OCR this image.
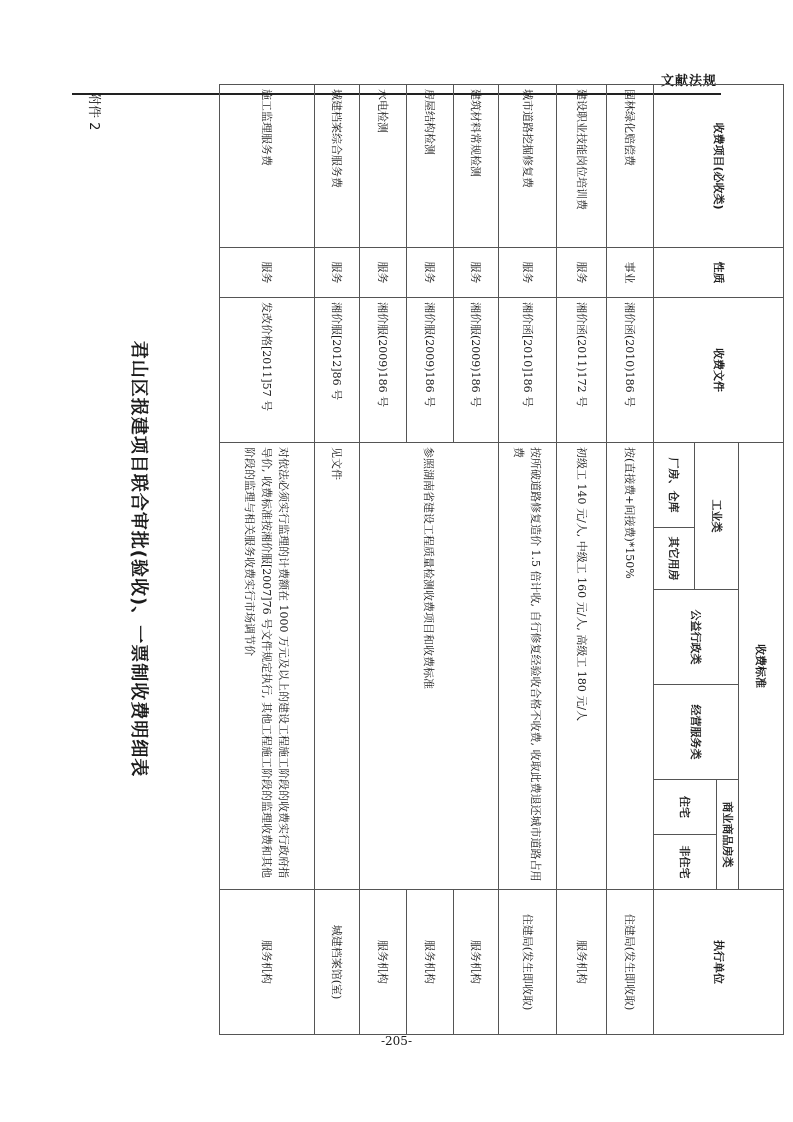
文献法规
附件 2
君山区报建项目联合审批(验收)、一票制收费明细表
收费项目(必收类)	性质	收费文件	收费标准						执行单位
			工业类		公益行政类	经营服务类	商业商品房类		
							住宅	非住宅	
			厂房、仓库	其它用房					
园林绿化赔偿费	事业	湘价函(2010)186 号	按(直接费+间接费)*150%						住建局(发生即收取)
建设职业技能岗位培训费	服务	湘价函(2011)172 号	初级工 140 元/人, 中级工 160 元/人, 高级工 180 元/人						服务机构
城市道路挖掘修复费	服务	湘价函[2010]186 号	按所破道路修复造价 1.5 倍计收, 自行修复经验收合格不收费, 收取此费退还城市道路占用费						住建局(发生即收取)
建筑材料常规检测	服务	湘价服(2009)186 号	参照湖南省建设工程质量检测收费项目和收费标准						服务机构
房屋结构检测	服务	湘价服(2009)186 号							服务机构
水电检测	服务	湘价服(2009)186 号							服务机构
城建档案综合服务费	服务	湘价服[2012]86 号	见文件						城建档案馆(室)
施工监理服务费	服务	发改价格[2011]57 号	对依法必须实行监理的计费额在 1000 万元及以上的建设工程施工阶段的收费实行政府指导价, 收费标准按湘价服[2007]76 号文件规定执行, 其他工程施工阶段的监理收费和其他阶段的监理与相关服务收费实行市场调节价						服务机构
-205-
